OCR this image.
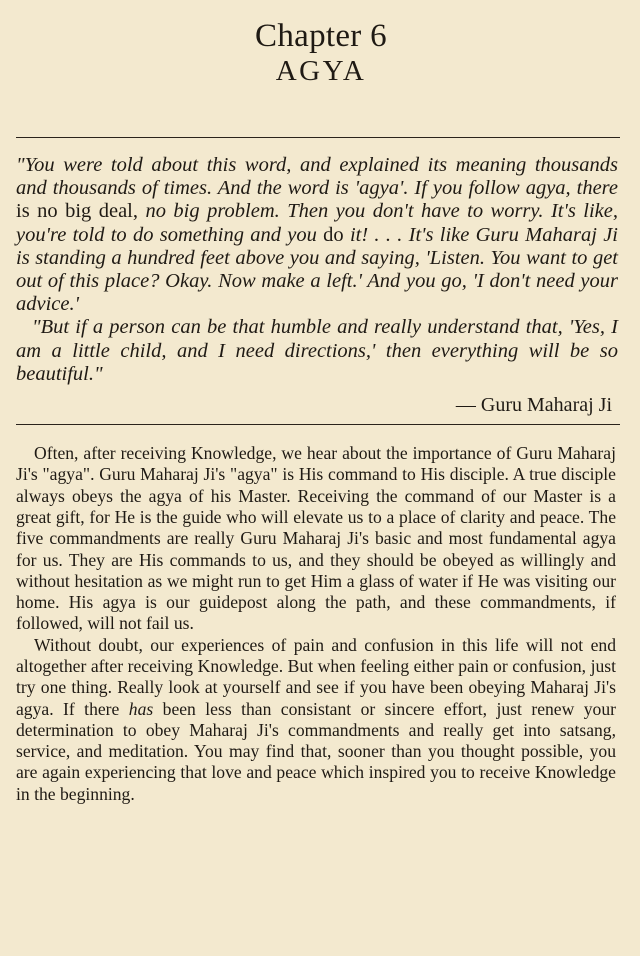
Chapter 6
AGYA

"You were told about this word, and explained its meaning thousands and thousands of times. And the word is 'agya'. If you follow agya, there is no big deal, no big problem. Then you don't have to worry. It's like, you're told to do something and you do it! . . . It's like Guru Maharaj Ji is standing a hundred feet above you and saying, 'Listen. You want to get out of this place? Okay. Now make a left.' And you go, 'I don't need your advice.'

"But if a person can be that humble and really understand that, 'Yes, I am a little child, and I need directions,' then everything will be so beautiful."

— Guru Maharaj Ji

Often, after receiving Knowledge, we hear about the importance of Guru Maharaj Ji's "agya". Guru Maharaj Ji's "agya" is His command to His disciple. A true disciple always obeys the agya of his Master. Receiving the command of our Master is a great gift, for He is the guide who will elevate us to a place of clarity and peace. The five commandments are really Guru Maharaj Ji's basic and most fundamental agya for us. They are His commands to us, and they should be obeyed as willingly and without hesitation as we might run to get Him a glass of water if He was visiting our home. His agya is our guidepost along the path, and these commandments, if followed, will not fail us.

Without doubt, our experiences of pain and confusion in this life will not end altogether after receiving Knowledge. But when feeling either pain or confusion, just try one thing. Really look at yourself and see if you have been obeying Maharaj Ji's agya. If there has been less than consistant or sincere effort, just renew your determination to obey Maharaj Ji's commandments and really get into satsang, service, and meditation. You may find that, sooner than you thought possible, you are again experiencing that love and peace which inspired you to receive Knowledge in the beginning.
